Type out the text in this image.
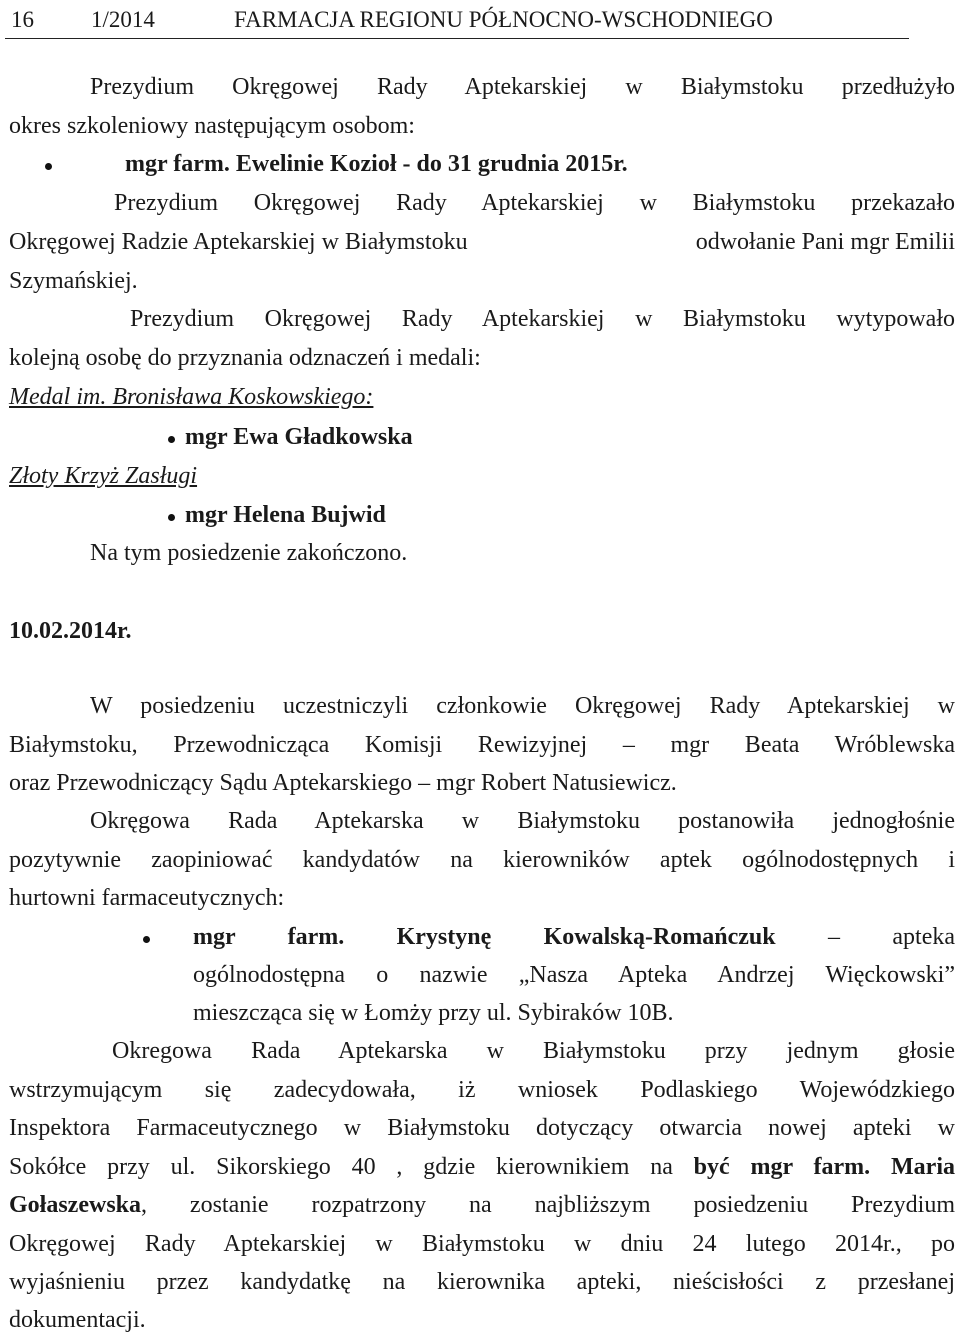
16 1/2014	FARMACJA REGIONU PÓŁNOCNO-WSCHODNIEGO
Prezydium Okręgowej Rady Aptekarskiej w Białymstoku przedłużyło
okres szkoleniowy następującym osobom:
mgr farm. Ewelinie Kozioł - do 31 grudnia 2015r.
Prezydium Okręgowej Rady Aptekarskiej w Białymstoku przekazało
Okręgowej Radzie Aptekarskiej w Białymstoku	odwołanie Pani mgr Emilii
Szymańskiej.
Prezydium Okręgowej Rady Aptekarskiej w Białymstoku wytypowało
kolejną osobę do przyznania odznaczeń i medali:
Medal im. Bronisława Koskowskiego:
mgr Ewa Gładkowska
Złoty Krzyż Zasługi
mgr Helena Bujwid
Na tym posiedzenie zakończono.
10.02.2014r.
W posiedzeniu uczestniczyli członkowie Okręgowej Rady Aptekarskiej w
Białymstoku, Przewodnicząca Komisji Rewizyjnej – mgr Beata Wróblewska
oraz Przewodniczący Sądu Aptekarskiego – mgr Robert Natusiewicz.
Okręgowa Rada Aptekarska w Białymstoku postanowiła jednogłośnie
pozytywnie zaopiniować kandydatów na kierowników aptek ogólnodostępnych i
hurtowni farmaceutycznych:
mgr farm. Krystynę Kowalską-Romańczuk – apteka
ogólnodostępna o nazwie „Nasza Apteka Andrzej Więckowski”
mieszcząca się w Łomży przy ul. Sybiraków 10B.
Okregowa Rada Aptekarska w Białymstoku przy jednym głosie
wstrzymującym się zadecydowała, iż wniosek Podlaskiego Wojewódzkiego
Inspektora Farmaceutycznego w Białymstoku dotyczący otwarcia nowej apteki w
Sokółce przy ul. Sikorskiego 40 , gdzie kierownikiem na być mgr farm. Maria
Gołaszewska, zostanie rozpatrzony na najbliższym posiedzeniu Prezydium
Okręgowej Rady Aptekarskiej w Białymstoku w dniu 24 lutego 2014r., po
wyjaśnieniu przez kandydatkę na kierownika apteki, nieścisłości z przesłanej
dokumentacji.
